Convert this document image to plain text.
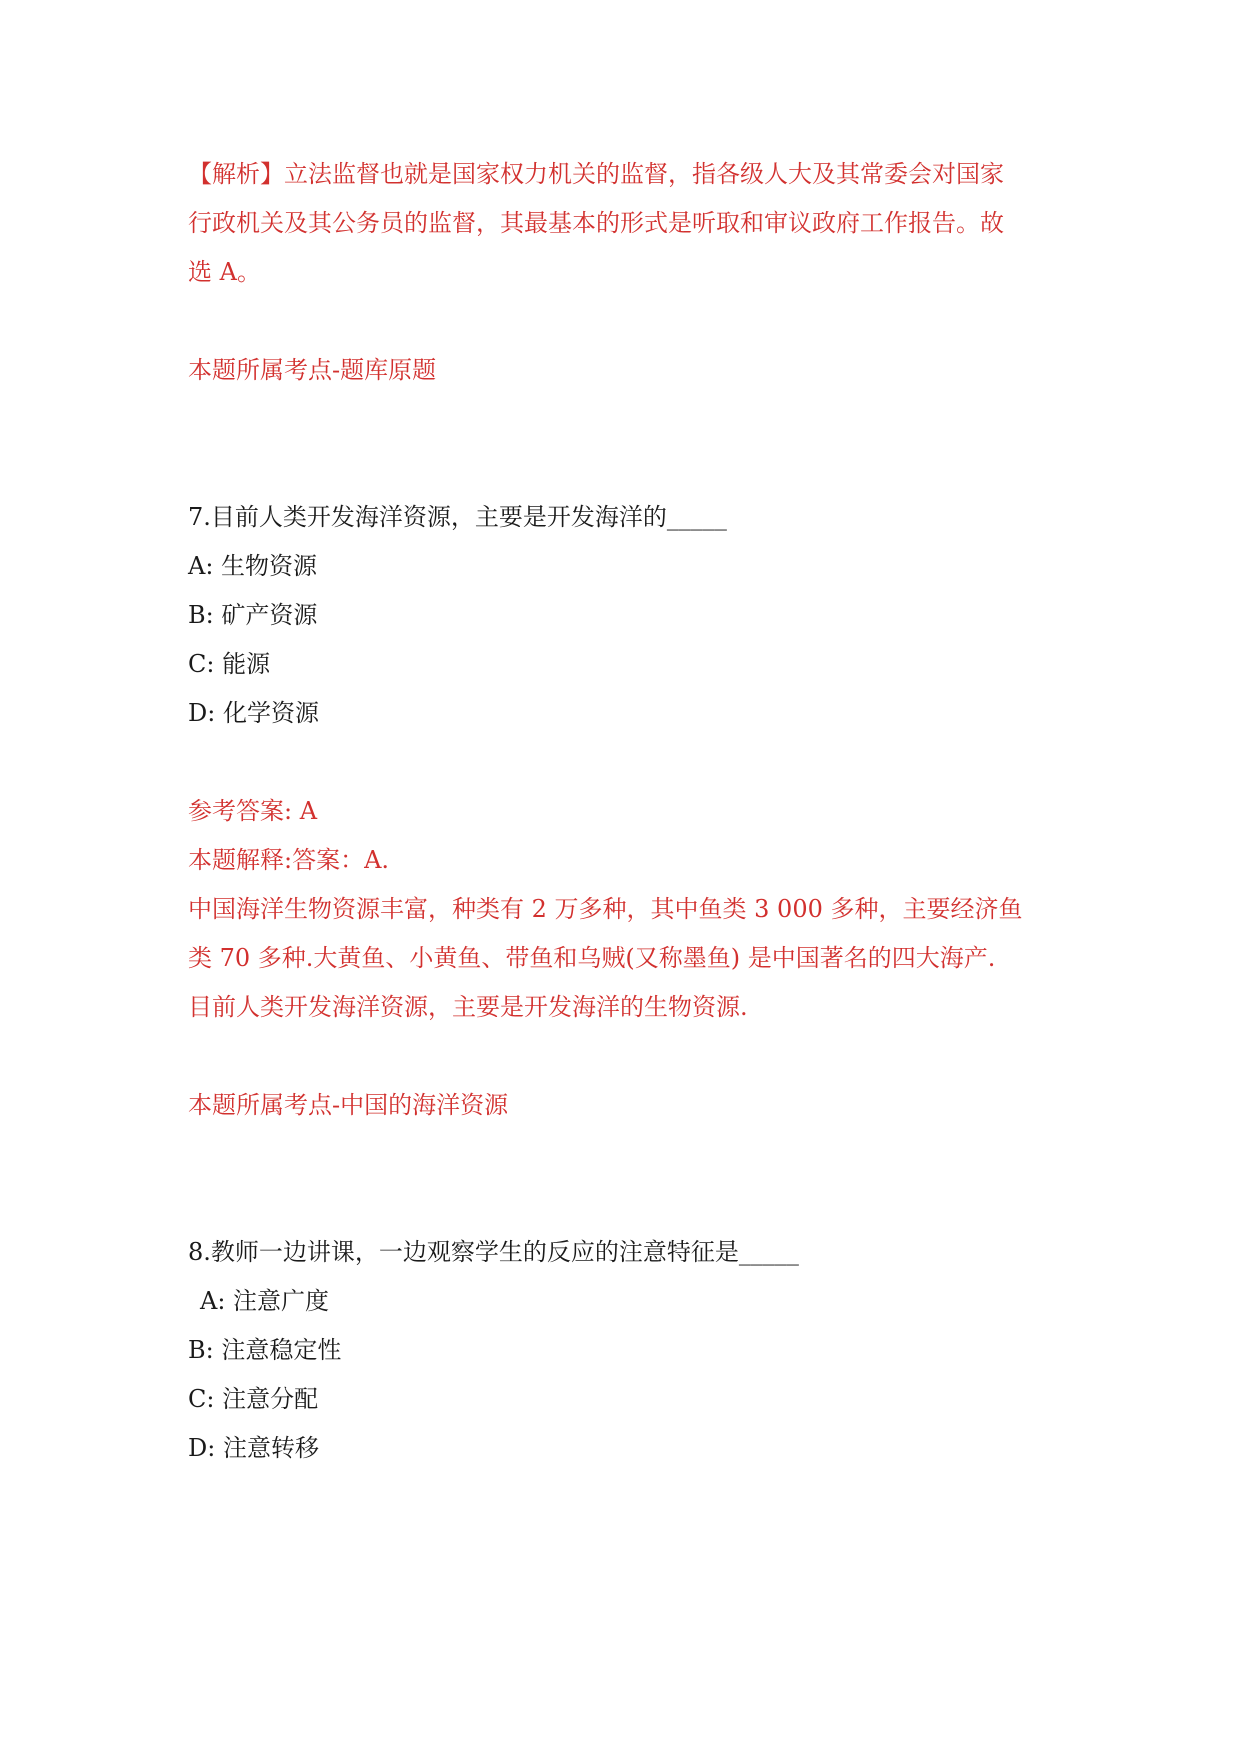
【解析】立法监督也就是国家权力机关的监督，指各级人大及其常委会对国家

行政机关及其公务员的监督，其最基本的形式是听取和审议政府工作报告。故

选 A。

本题所属考点-题库原题

7.目前人类开发海洋资源，主要是开发海洋的_____

A: 生物资源

B: 矿产资源

C: 能源

D: 化学资源

参考答案: A

本题解释:答案：A.

中国海洋生物资源丰富，种类有 2 万多种，其中鱼类 3 000 多种，主要经济鱼

类 70 多种.大黄鱼、小黄鱼、带鱼和乌贼(又称墨鱼) 是中国著名的四大海产.

目前人类开发海洋资源，主要是开发海洋的生物资源.

本题所属考点-中国的海洋资源

8.教师一边讲课，一边观察学生的反应的注意特征是_____

A: 注意广度

B: 注意稳定性

C: 注意分配

D: 注意转移
